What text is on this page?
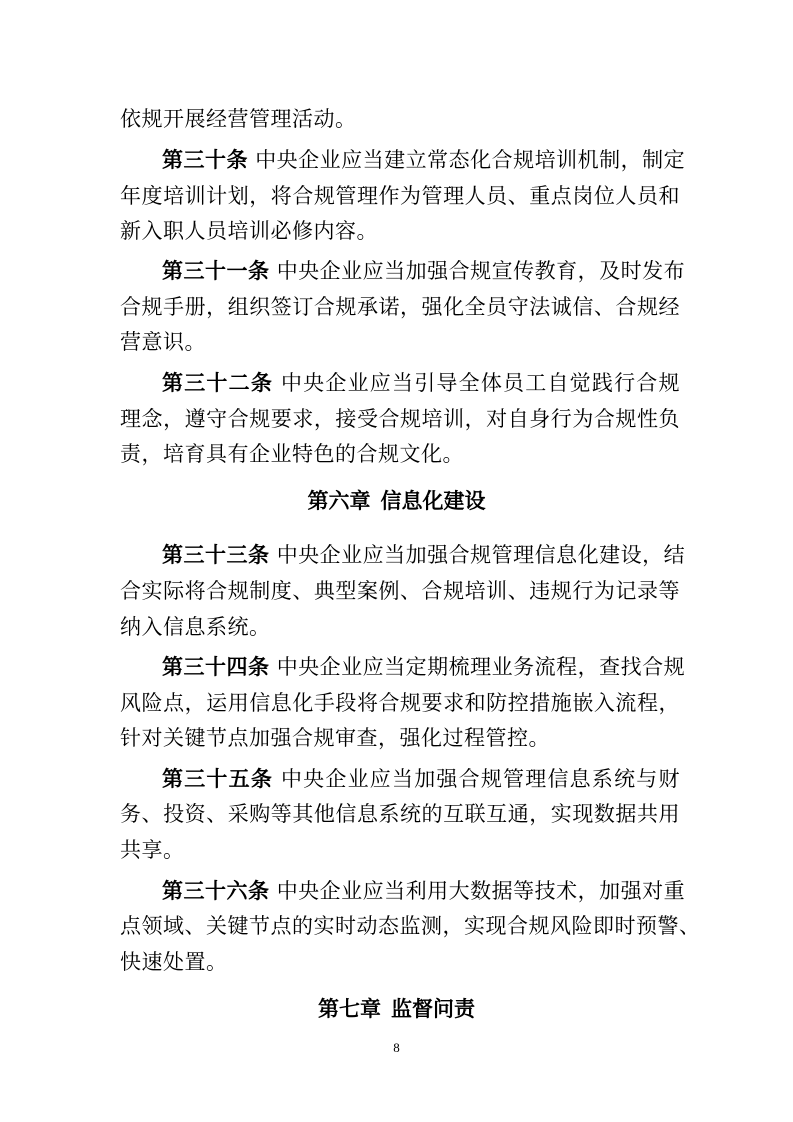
依规开展经营管理活动。
第三十条 中央企业应当建立常态化合规培训机制，制定
年度培训计划，将合规管理作为管理人员、重点岗位人员和
新入职人员培训必修内容。
第三十一条 中央企业应当加强合规宣传教育，及时发布
合规手册，组织签订合规承诺，强化全员守法诚信、合规经
营意识。
第三十二条 中央企业应当引导全体员工自觉践行合规
理念，遵守合规要求，接受合规培训，对自身行为合规性负
责，培育具有企业特色的合规文化。
第六章 信息化建设
第三十三条 中央企业应当加强合规管理信息化建设，结
合实际将合规制度、典型案例、合规培训、违规行为记录等
纳入信息系统。
第三十四条 中央企业应当定期梳理业务流程，查找合规
风险点，运用信息化手段将合规要求和防控措施嵌入流程，
针对关键节点加强合规审查，强化过程管控。
第三十五条 中央企业应当加强合规管理信息系统与财
务、投资、采购等其他信息系统的互联互通，实现数据共用
共享。
第三十六条 中央企业应当利用大数据等技术，加强对重
点领域、关键节点的实时动态监测，实现合规风险即时预警、
快速处置。
第七章 监督问责
8
